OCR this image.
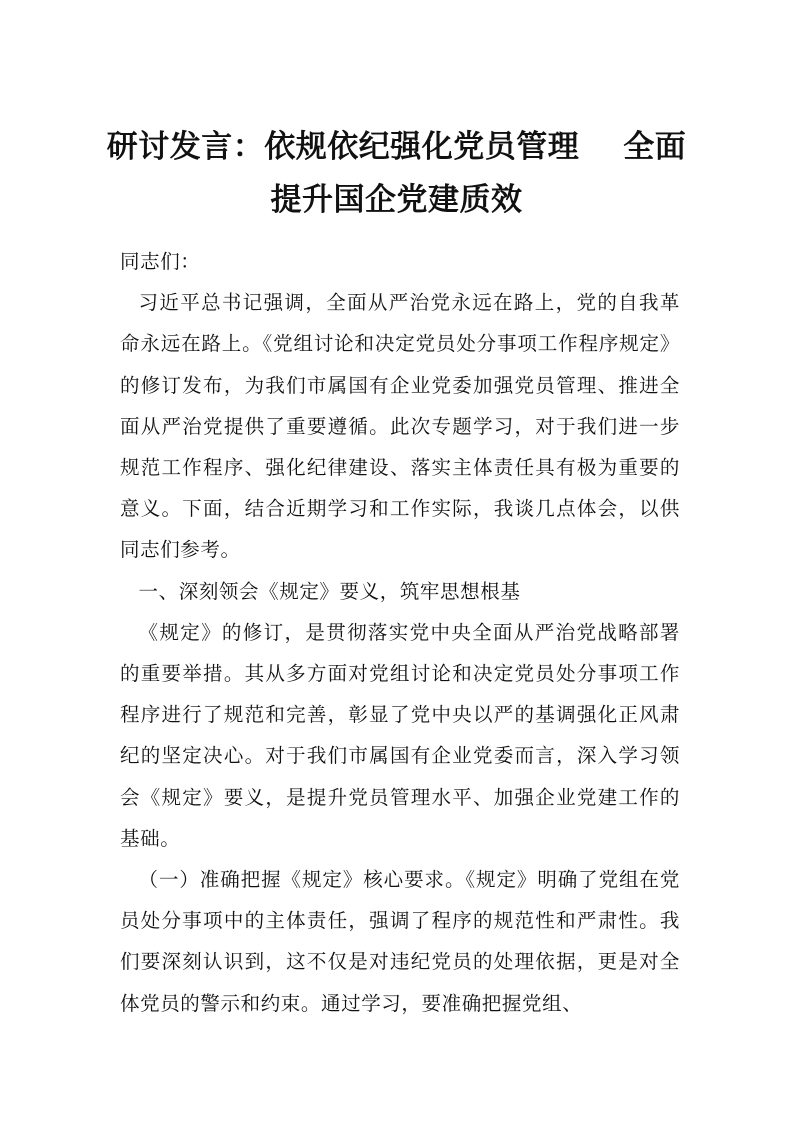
研讨发言：依规依纪强化党员管理 全面
提升国企党建质效

同志们：

习近平总书记强调，全面从严治党永远在路上，党的自我革命永远在路上。《党组讨论和决定党员处分事项工作程序规定》的修订发布，为我们市属国有企业党委加强党员管理、推进全面从严治党提供了重要遵循。此次专题学习，对于我们进一步规范工作程序、强化纪律建设、落实主体责任具有极为重要的意义。下面，结合近期学习和工作实际，我谈几点体会，以供同志们参考。

一、深刻领会《规定》要义，筑牢思想根基

《规定》的修订，是贯彻落实党中央全面从严治党战略部署的重要举措。其从多方面对党组讨论和决定党员处分事项工作程序进行了规范和完善，彰显了党中央以严的基调强化正风肃纪的坚定决心。对于我们市属国有企业党委而言，深入学习领会《规定》要义，是提升党员管理水平、加强企业党建工作的基础。

（一）准确把握《规定》核心要求。《规定》明确了党组在党员处分事项中的主体责任，强调了程序的规范性和严肃性。我们要深刻认识到，这不仅是对违纪党员的处理依据，更是对全体党员的警示和约束。通过学习，要准确把握党组、
